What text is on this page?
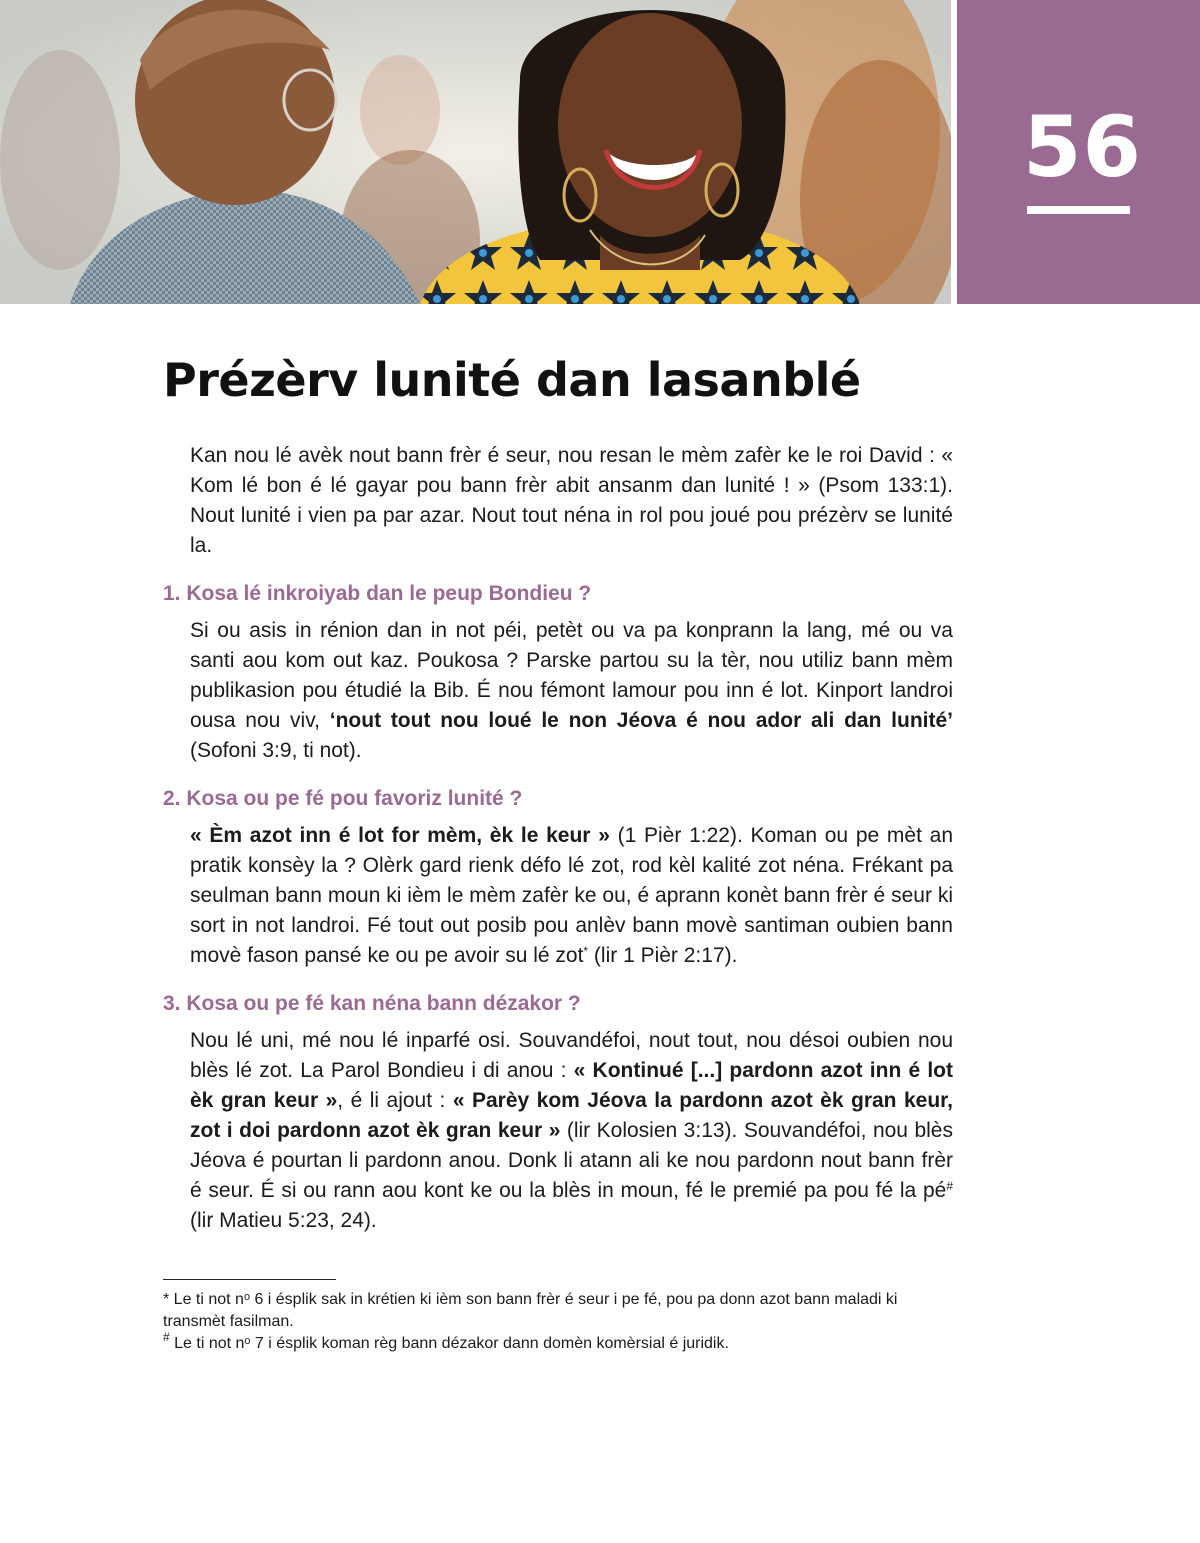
56
Prézèrv lunité dan lasanblé

Kan nou lé avèk nout bann frèr é seur, nou resan le mèm zafèr ke le roi David : « Kom lé bon é lé gayar pou bann frèr abit ansanm dan lunité ! » (Psom 133:1). Nout lunité i vien pa par azar. Nout tout néna in rol pou joué pou prézèrv se lunité la.

1. Kosa lé inkroiyab dan le peup Bondieu ?

Si ou asis in rénion dan in not péi, petèt ou va pa konprann la lang, mé ou va santi aou kom out kaz. Poukosa ? Parske partou su la tèr, nou utiliz bann mèm publikasion pou étudié la Bib. É nou fémont lamour pou inn é lot. Kinport landroi ousa nou viv, ‘nout tout nou loué le non Jéova é nou ador ali dan lunité’ (Sofoni 3:9, ti not).

2. Kosa ou pe fé pou favoriz lunité ?

« Èm azot inn é lot for mèm, èk le keur » (1 Pièr 1:22). Koman ou pe mèt an pratik konsèy la ? Olèrk gard rienk défo lé zot, rod kèl kalité zot néna. Frékant pa seulman bann moun ki ièm le mèm zafèr ke ou, é aprann konèt bann frèr é seur ki sort in not landroi. Fé tout out posib pou anlèv bann movè santiman oubien bann movè fason pansé ke ou pe avoir su lé zot* (lir 1 Pièr 2:17).

3. Kosa ou pe fé kan néna bann dézakor ?

Nou lé uni, mé nou lé inparfé osi. Souvandéfoi, nout tout, nou désoi oubien nou blès lé zot. La Parol Bondieu i di anou : « Kontinué [...] pardonn azot inn é lot èk gran keur », é li ajout : « Parèy kom Jéova la pardonn azot èk gran keur, zot i doi pardonn azot èk gran keur » (lir Kolosien 3:13). Souvandéfoi, nou blès Jéova é pourtan li pardonn anou. Donk li atann ali ke nou pardonn nout bann frèr é seur. É si ou rann aou kont ke ou la blès in moun, fé le premié pa pou fé la pé# (lir Matieu 5:23, 24).

* Le ti not nᵒ 6 i ésplik sak in krétien ki ièm son bann frèr é seur i pe fé, pou pa donn azot bann maladi ki transmèt fasilman.

# Le ti not nᵒ 7 i ésplik koman règ bann dézakor dann domèn komèrsial é juridik.
